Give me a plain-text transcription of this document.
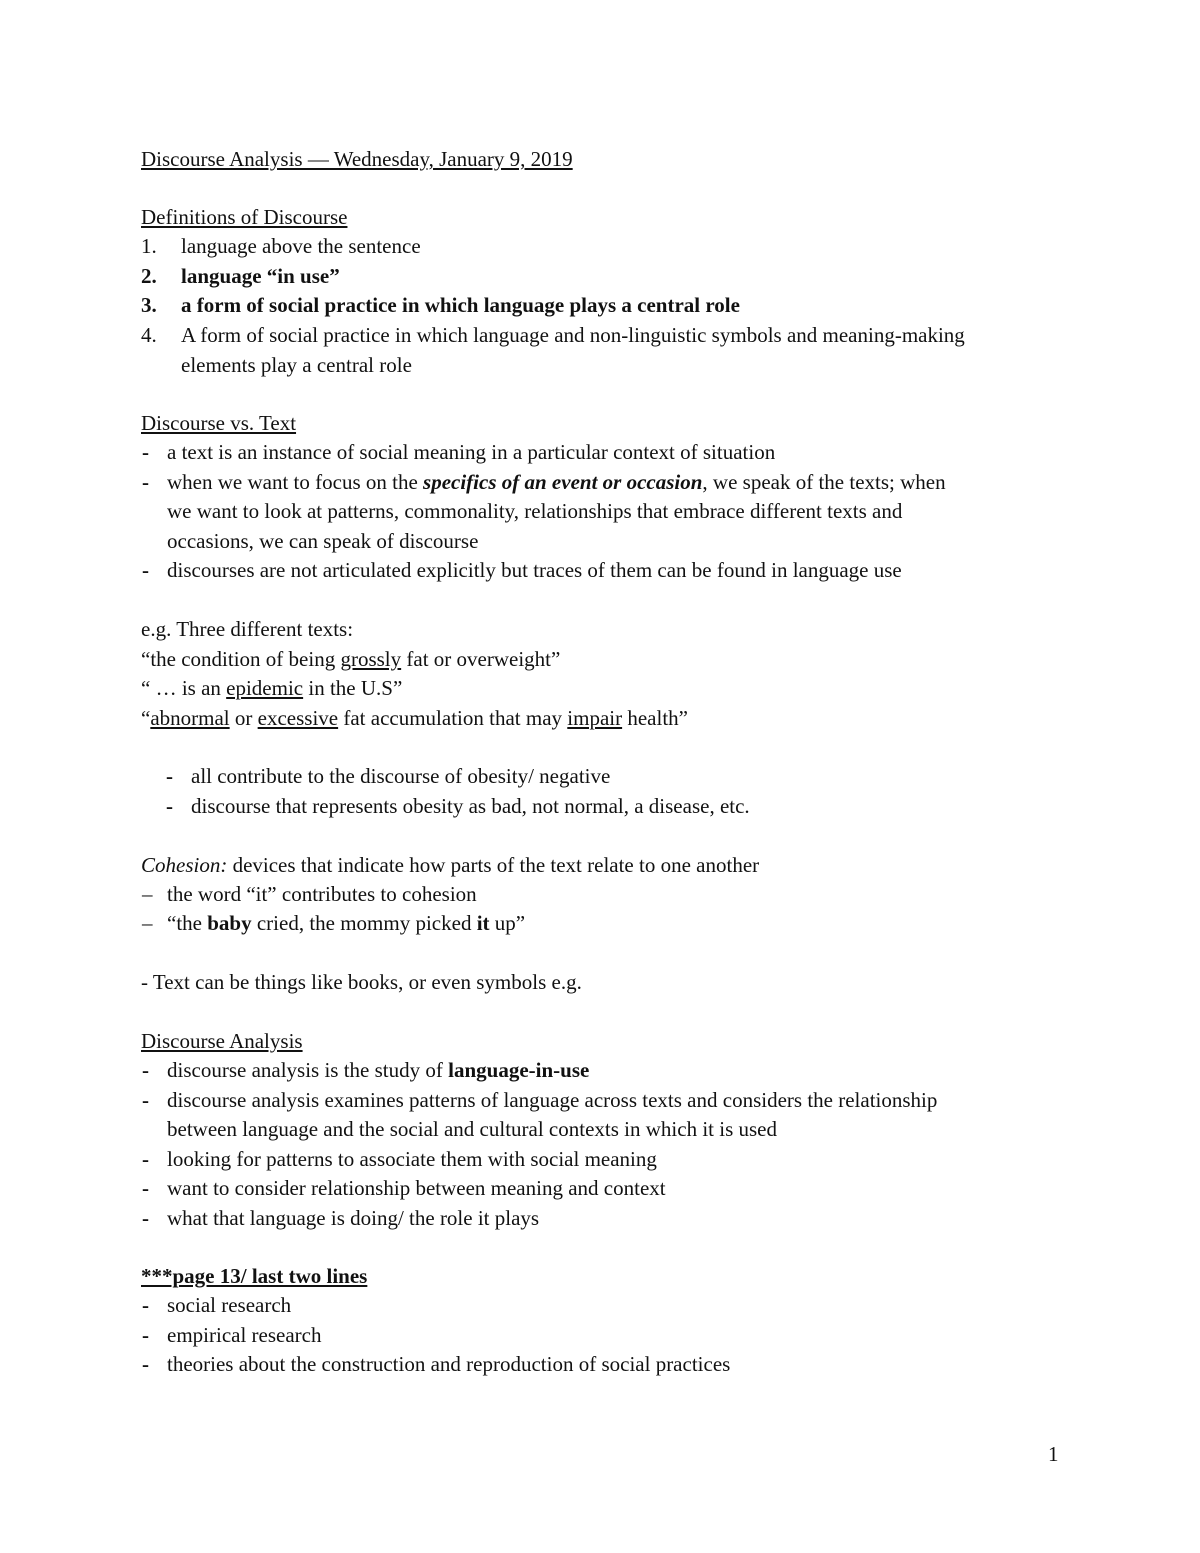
Discourse Analysis — Wednesday, January 9, 2019
Definitions of Discourse
1. language above the sentence
2. language “in use”
3. a form of social practice in which language plays a central role
4. A form of social practice in which language and non-linguistic symbols and meaning-making
elements play a central role
Discourse vs. Text
- a text is an instance of social meaning in a particular context of situation
- when we want to focus on the specifics of an event or occasion, we speak of the texts; when
we want to look at patterns, commonality, relationships that embrace different texts and
occasions, we can speak of discourse
- discourses are not articulated explicitly but traces of them can be found in language use
e.g. Three different texts:
“the condition of being grossly fat or overweight”
“ … is an epidemic in the U.S”
“abnormal or excessive fat accumulation that may impair health”
- all contribute to the discourse of obesity/ negative
- discourse that represents obesity as bad, not normal, a disease, etc.
Cohesion: devices that indicate how parts of the text relate to one another
– the word “it” contributes to cohesion
– “the baby cried, the mommy picked it up”
- Text can be things like books, or even symbols e.g.
Discourse Analysis
- discourse analysis is the study of language-in-use
- discourse analysis examines patterns of language across texts and considers the relationship
between language and the social and cultural contexts in which it is used
- looking for patterns to associate them with social meaning
- want to consider relationship between meaning and context
- what that language is doing/ the role it plays
***page 13/ last two lines
- social research
- empirical research
- theories about the construction and reproduction of social practices
1
